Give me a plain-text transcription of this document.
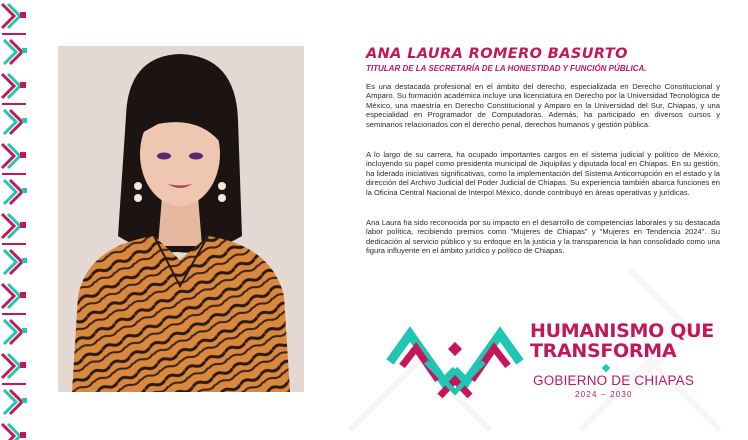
ANA LAURA ROMERO BASURTO
TITULAR DE LA SECRETARÍA DE LA HONESTIDAD Y FUNCIÓN PÚBLICA.

Es una destacada profesional en el ámbito del derecho, especializada en Derecho Constitucional y Amparo. Su formación académica incluye una licenciatura en Derecho por la Universidad Tecnológica de México, una maestría en Derecho Constitucional y Amparo en la Universidad del Sur, Chiapas, y una especialidad en Programador de Computadoras. Además, ha participado en diversos cursos y seminarios relacionados con el derecho penal, derechos humanos y gestión pública.

A lo largo de su carrera, ha ocupado importantes cargos en el sistema judicial y político de México, incluyendo su papel como presidenta municipal de Jiquipilas y diputada local en Chiapas. En su gestión, ha liderado iniciativas significativas, como la implementación del Sistema Anticorrupción en el estado y la dirección del Archivo Judicial del Poder Judicial de Chiapas. Su experiencia también abarca funciones en la Oficina Central Nacional de Interpol México, donde contribuyó en áreas operativas y jurídicas.

Ana Laura ha sido reconocida por su impacto en el desarrollo de competencias laborales y su destacada labor política, recibiendo premios como "Mujeres de Chiapas" y "Mujeres en Tendencia 2024". Su dedicación al servicio público y su enfoque en la justicia y la transparencia la han consolidado como una figura influyente en el ámbito jurídico y político de Chiapas.

HUMANISMO QUE
TRANSFORMA
GOBIERNO DE CHIAPAS
2024 – 2030
